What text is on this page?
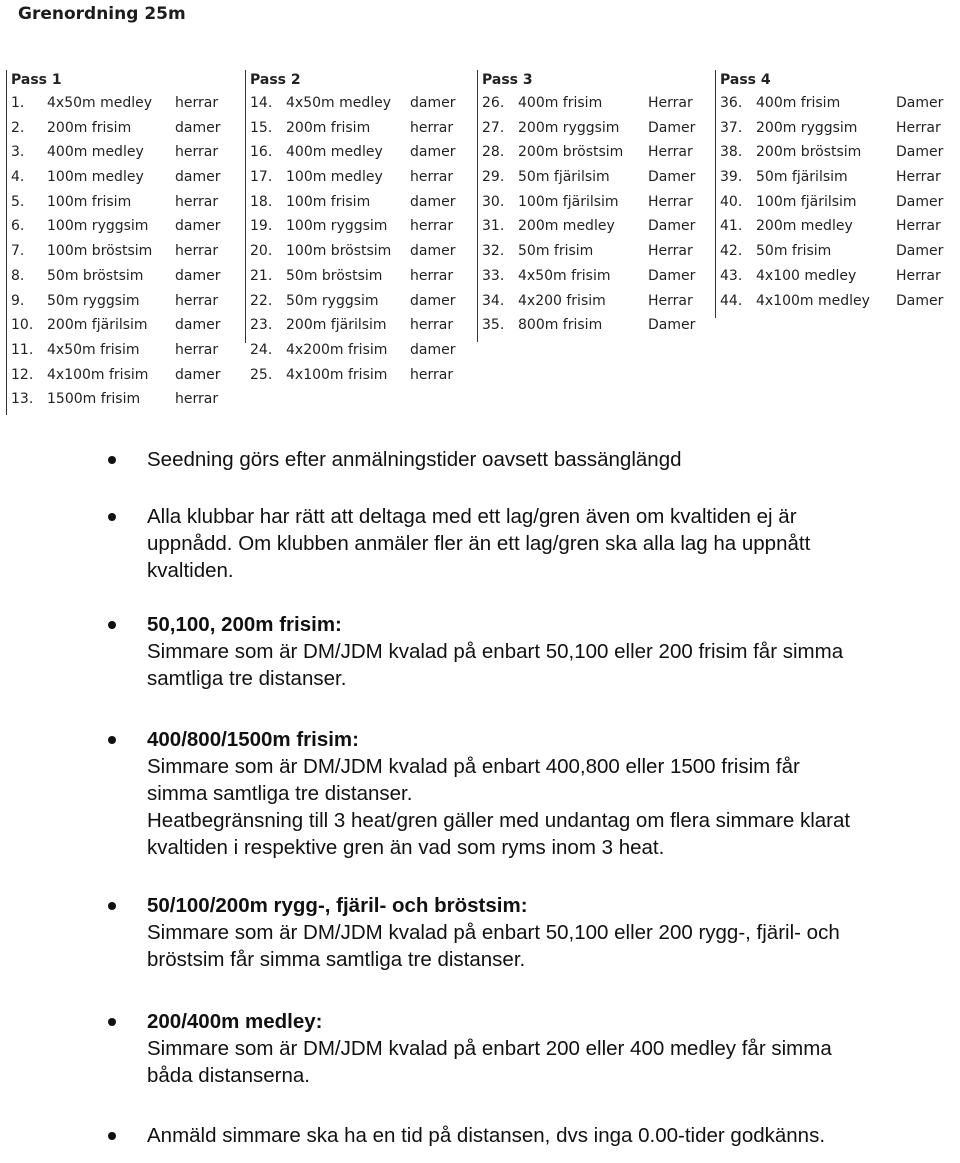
Grenordning 25m
Pass 1
1. 4x50m medley herrar
2. 200m frisim	damer
3. 400m medley herrar
4. 100m medley damer
5. 100m frisim	herrar
6. 100m ryggsim damer
7. 100m bröstsim herrar
8. 50m bröstsim damer
9. 50m ryggsim	herrar
10. 200m fjärilsim damer
11. 4x50m frisim	herrar
12. 4x100m frisim damer
13. 1500m frisim herrar
Pass 2
14. 4x50m medley damer
15. 200m frisim	herrar
16. 400m medley damer
17. 100m medley herrar
18. 100m frisim	damer
19. 100m ryggsim herrar
20. 100m bröstsim damer
21. 50m bröstsim herrar
22. 50m ryggsim damer
23. 200m fjärilsim herrar
24. 4x200m frisim damer
25. 4x100m frisim herrar
Pass 3
26. 400m frisim	Herrar
27. 200m ryggsim Damer
28. 200m bröstsim Herrar
29. 50m fjärilsim	Damer
30. 100m fjärilsim Herrar
31. 200m medley Damer
32. 50m frisim	Herrar
33. 4x50m frisim	Damer
34. 4x200 frisim	Herrar
35. 800m frisim	Damer
Pass 4
36. 400m frisim	Damer
37. 200m ryggsim	Herrar
38. 200m bröstsim Damer
39. 50m fjärilsim	Herrar
40. 100m fjärilsim	Damer
41. 200m medley	Herrar
42. 50m frisim	Damer
43. 4x100 medley	Herrar
44. 4x100m medley Damer

Seedning görs efter anmälningstider oavsett bassänglängd

Alla klubbar har rätt att deltaga med ett lag/gren även om kvaltiden ej är

uppnådd. Om klubben anmäler fler än ett lag/gren ska alla lag ha uppnått

kvaltiden.

50,100, 200m frisim:

Simmare som är DM/JDM kvalad på enbart 50,100 eller 200 frisim får simma

samtliga tre distanser.

400/800/1500m frisim:

Simmare som är DM/JDM kvalad på enbart 400,800 eller 1500 frisim får

simma samtliga tre distanser.

Heatbegränsning till 3 heat/gren gäller med undantag om flera simmare klarat

kvaltiden i respektive gren än vad som ryms inom 3 heat.

50/100/200m rygg-, fjäril- och bröstsim:

Simmare som är DM/JDM kvalad på enbart 50,100 eller 200 rygg-, fjäril- och

bröstsim får simma samtliga tre distanser.

200/400m medley:

Simmare som är DM/JDM kvalad på enbart 200 eller 400 medley får simma

båda distanserna.

Anmäld simmare ska ha en tid på distansen, dvs inga 0.00-tider godkänns.
